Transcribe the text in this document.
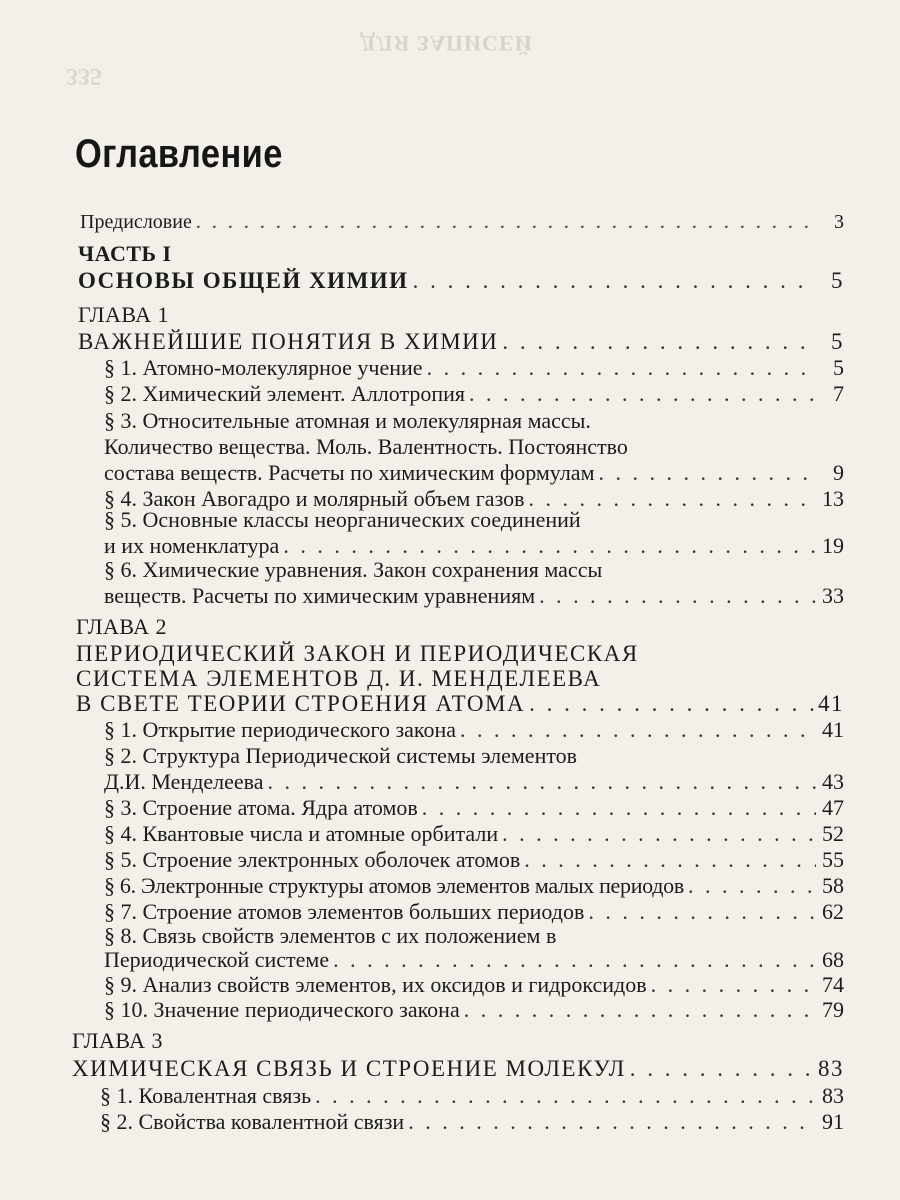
ДЛЯ ЗАПИСЕЙ
335
Оглавление
Предисловие . . .	3
ЧАСТЬ I
ОСНОВЫ ОБЩЕЙ ХИМИИ . . .	5
ГЛАВА 1
ВАЖНЕЙШИЕ ПОНЯТИЯ В ХИМИИ . . .	5
§ 1. Атомно-молекулярное учение . . .	5
§ 2. Химический элемент. Аллотропия . . .	7
§ 3. Относительные атомная и молекулярная массы.
Количество вещества. Моль. Валентность. Постоянство
состава веществ. Расчеты по химическим формулам . . .	9
§ 4. Закон Авогадро и молярный объем газов . . .	13
§ 5. Основные классы неорганических соединений
и их номенклатура . . .	19
§ 6. Химические уравнения. Закон сохранения массы
веществ. Расчеты по химическим уравнениям . . .	33
ГЛАВА 2
ПЕРИОДИЧЕСКИЙ ЗАКОН И ПЕРИОДИЧЕСКАЯ
СИСТЕМА ЭЛЕМЕНТОВ Д. И. МЕНДЕЛЕЕВА
В СВЕТЕ ТЕОРИИ СТРОЕНИЯ АТОМА . . .	41
§ 1. Открытие периодического закона . . .	41
§ 2. Структура Периодической системы элементов
Д.И. Менделеева . . .	43
§ 3. Строение атома. Ядра атомов . . .	47
§ 4. Квантовые числа и атомные орбитали . . .	52
§ 5. Строение электронных оболочек атомов . . .	55
§ 6. Электронные структуры атомов элементов малых периодов . . .	58
§ 7. Строение атомов элементов больших периодов . . .	62
§ 8. Связь свойств элементов с их положением в
Периодической системе . . .	68
§ 9. Анализ свойств элементов, их оксидов и гидроксидов . . .	74
§ 10. Значение периодического закона . . .	79
ГЛАВА 3
ХИМИЧЕСКАЯ СВЯЗЬ И СТРОЕНИЕ МОЛЕКУЛ . . .	83
§ 1. Ковалентная связь . . .	83
§ 2. Свойства ковалентной связи . . .	91
